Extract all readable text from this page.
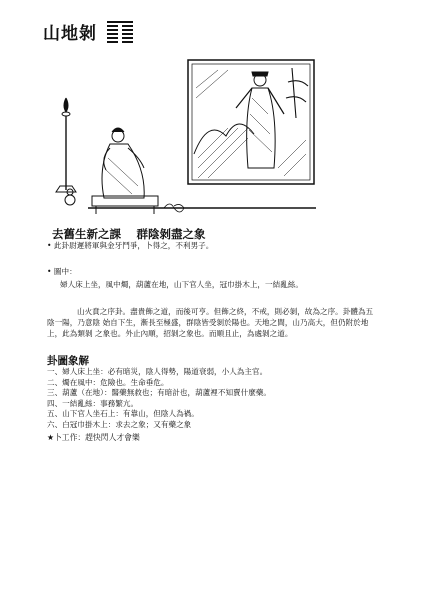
山地剝
去舊生新之課　 群陰剝盡之象
• 此卦尉遲將軍與金牙鬥爭，卜得之，不利男子。
• 圖中：
婦人床上坐，風中燭，葫蘆在地，山下官人坐，冠巾掛木上，一結亂絲。
山火賁之序卦。盡貴飾之道，而後可亨。但飾之終，不戒，則必剝，故為之序。卦體為五陰一陽，乃意陰 始自下生，漸長至極盛，群陰皆受剝於陽也。天地之間，山乃高大，但仍附於地上，此為類剝 之象也。外止內順，招剝之象也。而順且止，為處剝之道。
卦圖象解
一、婦人床上坐：必有暗災，陰人得勢，陽道衰弱，小人為主官。
二、燭在風中：危險也。生命垂危。
三、葫蘆（在地）：醫藥無救也；有暗計也，葫蘆裡不知賣什麼藥。
四、一結亂絲：事務繁亢。
五、山下官人坐石上：有靠山，但陰人為禍。
六、白冠巾掛木上：求去之象；又有藥之象
★卜工作：趕快閃人才會樂
